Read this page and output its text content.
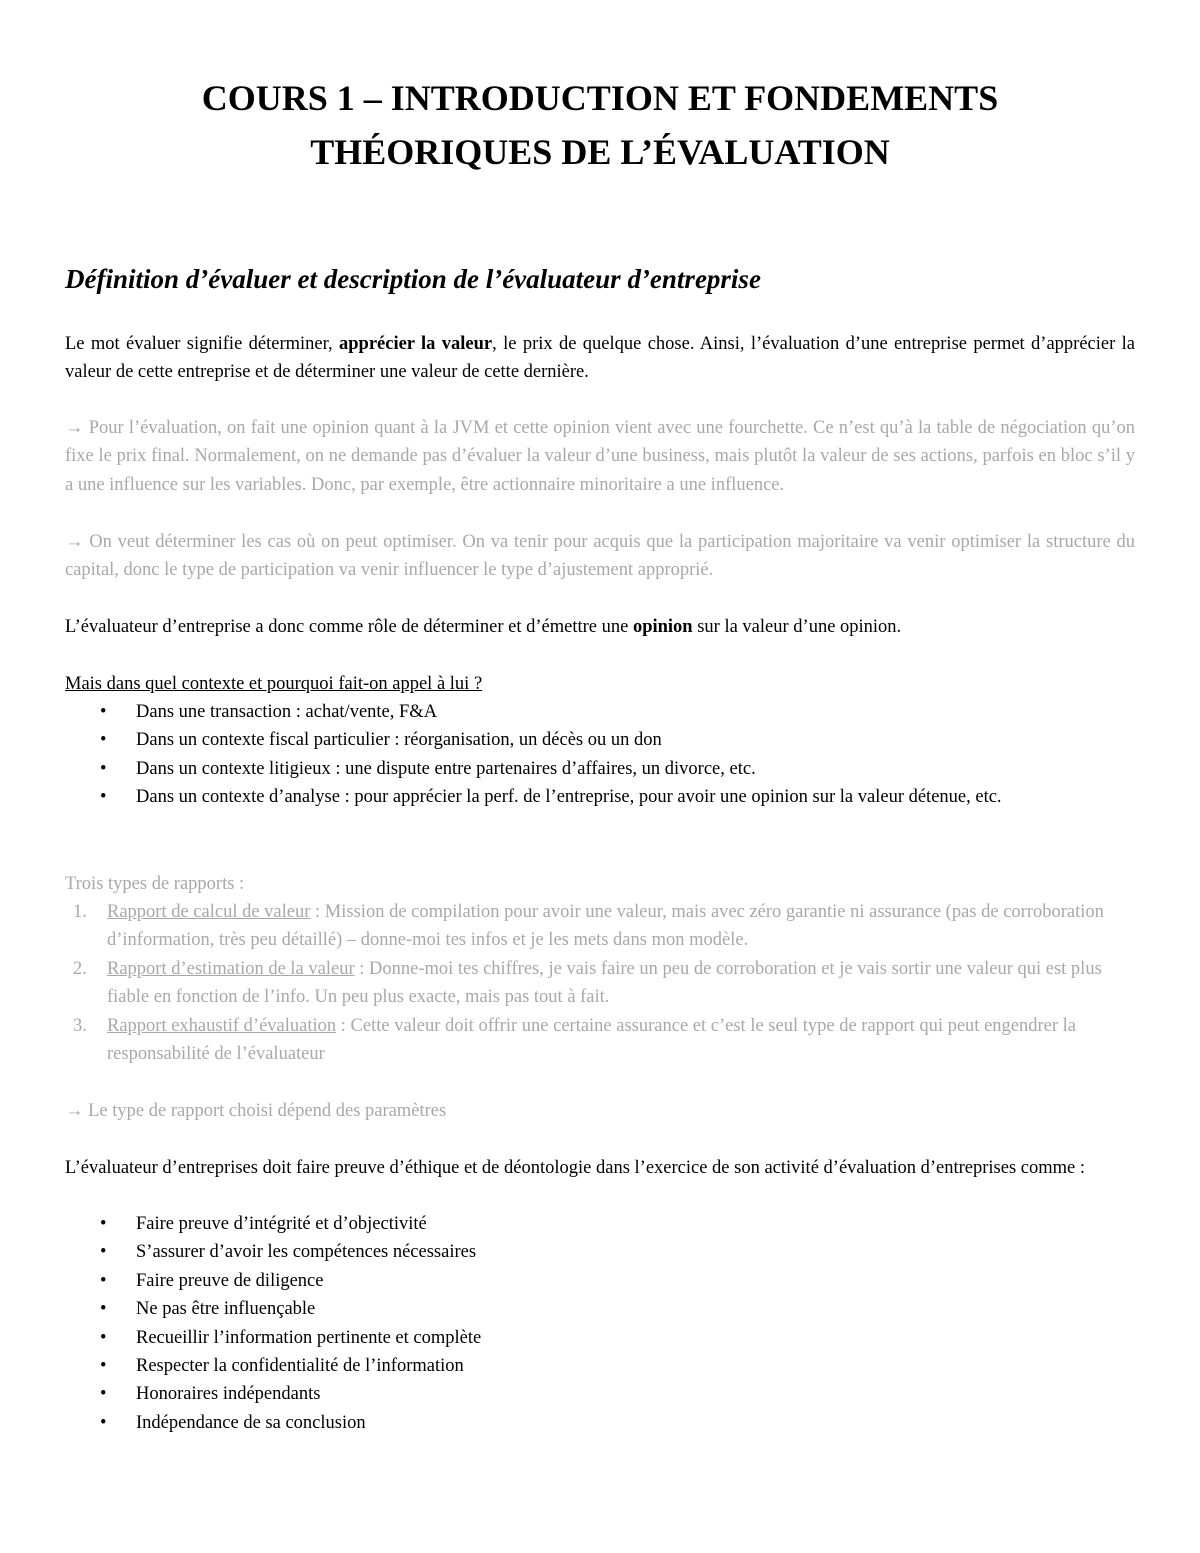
COURS 1 – INTRODUCTION ET FONDEMENTS
THÉORIQUES DE L’ÉVALUATION
Définition d’évaluer et description de l’évaluateur d’entreprise

Le mot évaluer signifie déterminer, apprécier la valeur, le prix de quelque chose. Ainsi, l’évaluation d’une entreprise permet d’apprécier la valeur de cette entreprise et de déterminer une valeur de cette dernière.

→ Pour l’évaluation, on fait une opinion quant à la JVM et cette opinion vient avec une fourchette. Ce n’est qu’à la table de négociation qu’on fixe le prix final. Normalement, on ne demande pas d’évaluer la valeur d’une business, mais plutôt la valeur de ses actions, parfois en bloc s’il y a une influence sur les variables. Donc, par exemple, être actionnaire minoritaire a une influence.

→ On veut déterminer les cas où on peut optimiser. On va tenir pour acquis que la participation majoritaire va venir optimiser la structure du capital, donc le type de participation va venir influencer le type d’ajustement approprié.

L’évaluateur d’entreprise a donc comme rôle de déterminer et d’émettre une opinion sur la valeur d’une opinion.

Mais dans quel contexte et pourquoi fait-on appel à lui ?

• Dans une transaction : achat/vente, F&A
• Dans un contexte fiscal particulier : réorganisation, un décès ou un don
• Dans un contexte litigieux : une dispute entre partenaires d’affaires, un divorce, etc.
• Dans un contexte d’analyse : pour apprécier la perf. de l’entreprise, pour avoir une opinion sur la valeur détenue, etc.

Trois types de rapports :

1. Rapport de calcul de valeur : Mission de compilation pour avoir une valeur, mais avec zéro garantie ni assurance (pas de corroboration d’information, très peu détaillé) – donne-moi tes infos et je les mets dans mon modèle.
2. Rapport d’estimation de la valeur : Donne-moi tes chiffres, je vais faire un peu de corroboration et je vais sortir une valeur qui est plus fiable en fonction de l’info. Un peu plus exacte, mais pas tout à fait.
3. Rapport exhaustif d’évaluation : Cette valeur doit offrir une certaine assurance et c’est le seul type de rapport qui peut engendrer la responsabilité de l’évaluateur

→ Le type de rapport choisi dépend des paramètres

L’évaluateur d’entreprises doit faire preuve d’éthique et de déontologie dans l’exercice de son activité d’évaluation d’entreprises comme :

• Faire preuve d’intégrité et d’objectivité
• S’assurer d’avoir les compétences nécessaires
• Faire preuve de diligence
• Ne pas être influençable
• Recueillir l’information pertinente et complète
• Respecter la confidentialité de l’information
• Honoraires indépendants
• Indépendance de sa conclusion
